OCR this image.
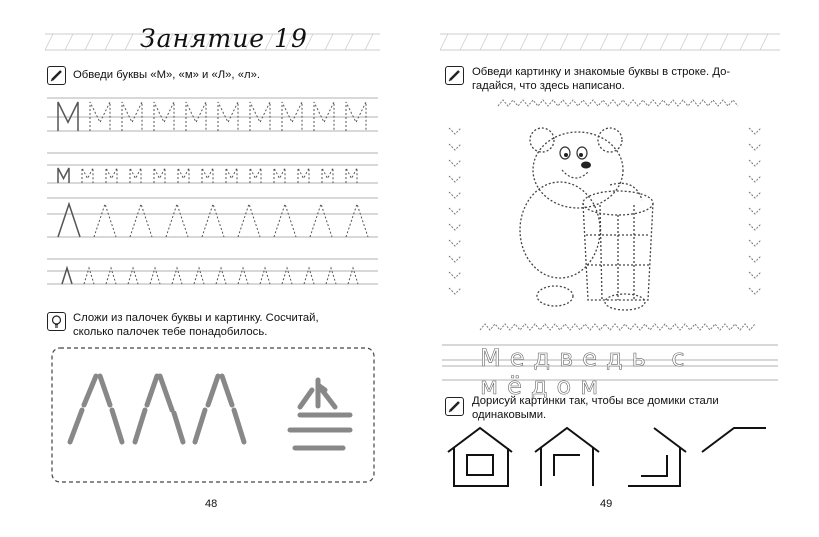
Занятие 19
Обведи буквы «М», «м» и «Л», «л».
Сложи из палочек буквы и картинку. Сосчитай,
сколько палочек тебе понадобилось.
48
Обведи картинку и знакомые буквы в строке. До-
гадайся, что здесь написано.
Медведь с мёдом
Дорисуй картинки так, чтобы все домики стали
одинаковыми.
49
